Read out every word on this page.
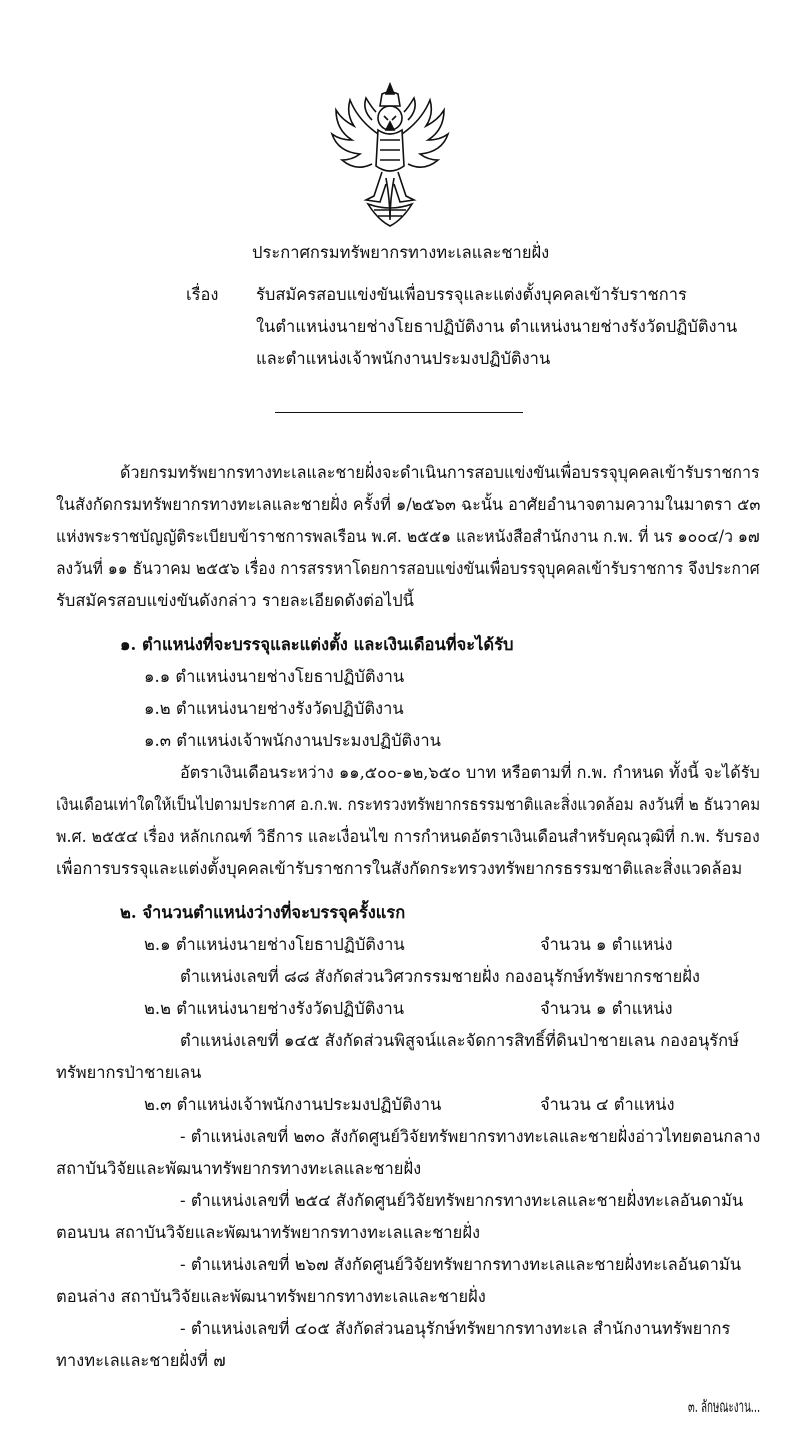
ประกาศกรมทรัพยากรทางทะเลและชายฝั่ง
เรื่อง รับสมัครสอบแข่งขันเพื่อบรรจุและแต่งตั้งบุคคลเข้ารับราชการ
ในตำแหน่งนายช่างโยธาปฏิบัติงาน ตำแหน่งนายช่างรังวัดปฏิบัติงาน
และตำแหน่งเจ้าพนักงานประมงปฏิบัติงาน
ด้วยกรมทรัพยากรทางทะเลและชายฝั่งจะดำเนินการสอบแข่งขันเพื่อบรรจุบุคคลเข้ารับราชการ
ในสังกัดกรมทรัพยากรทางทะเลและชายฝั่ง ครั้งที่ ๑/๒๕๖๓ ฉะนั้น อาศัยอำนาจตามความในมาตรา ๕๓
แห่งพระราชบัญญัติระเบียบข้าราชการพลเรือน พ.ศ. ๒๕๕๑ และหนังสือสำนักงาน ก.พ. ที่ นร ๑๐๐๔/ว ๑๗
ลงวันที่ ๑๑ ธันวาคม ๒๕๕๖ เรื่อง การสรรหาโดยการสอบแข่งขันเพื่อบรรจุบุคคลเข้ารับราชการ จึงประกาศ
รับสมัครสอบแข่งขันดังกล่าว รายละเอียดดังต่อไปนี้
๑. ตำแหน่งที่จะบรรจุและแต่งตั้ง และเงินเดือนที่จะได้รับ
๑.๑ ตำแหน่งนายช่างโยธาปฏิบัติงาน
๑.๒ ตำแหน่งนายช่างรังวัดปฏิบัติงาน
๑.๓ ตำแหน่งเจ้าพนักงานประมงปฏิบัติงาน
อัตราเงินเดือนระหว่าง ๑๑,๕๐๐-๑๒,๖๕๐ บาท หรือตามที่ ก.พ. กำหนด ทั้งนี้ จะได้รับ
เงินเดือนเท่าใดให้เป็นไปตามประกาศ อ.ก.พ. กระทรวงทรัพยากรธรรมชาติและสิ่งแวดล้อม ลงวันที่ ๒ ธันวาคม
พ.ศ. ๒๕๕๔ เรื่อง หลักเกณฑ์ วิธีการ และเงื่อนไข การกำหนดอัตราเงินเดือนสำหรับคุณวุฒิที่ ก.พ. รับรอง
เพื่อการบรรจุและแต่งตั้งบุคคลเข้ารับราชการในสังกัดกระทรวงทรัพยากรธรรมชาติและสิ่งแวดล้อม
๒. จำนวนตำแหน่งว่างที่จะบรรจุครั้งแรก
๒.๑ ตำแหน่งนายช่างโยธาปฏิบัติงาน	จำนวน ๑ ตำแหน่ง
ตำแหน่งเลขที่ ๘๘ สังกัดส่วนวิศวกรรมชายฝั่ง กองอนุรักษ์ทรัพยากรชายฝั่ง
๒.๒ ตำแหน่งนายช่างรังวัดปฏิบัติงาน	จำนวน ๑ ตำแหน่ง
ตำแหน่งเลขที่ ๑๔๕ สังกัดส่วนพิสูจน์และจัดการสิทธิ์ที่ดินป่าชายเลน กองอนุรักษ์
ทรัพยากรป่าชายเลน
๒.๓ ตำแหน่งเจ้าพนักงานประมงปฏิบัติงาน	จำนวน ๔ ตำแหน่ง
- ตำแหน่งเลขที่ ๒๓๐ สังกัดศูนย์วิจัยทรัพยากรทางทะเลและชายฝั่งอ่าวไทยตอนกลาง
สถาบันวิจัยและพัฒนาทรัพยากรทางทะเลและชายฝั่ง
- ตำแหน่งเลขที่ ๒๕๔ สังกัดศูนย์วิจัยทรัพยากรทางทะเลและชายฝั่งทะเลอันดามัน
ตอนบน สถาบันวิจัยและพัฒนาทรัพยากรทางทะเลและชายฝั่ง
- ตำแหน่งเลขที่ ๒๖๗ สังกัดศูนย์วิจัยทรัพยากรทางทะเลและชายฝั่งทะเลอันดามัน
ตอนล่าง สถาบันวิจัยและพัฒนาทรัพยากรทางทะเลและชายฝั่ง
- ตำแหน่งเลขที่ ๔๐๕ สังกัดส่วนอนุรักษ์ทรัพยากรทางทะเล สำนักงานทรัพยากร
ทางทะเลและชายฝั่งที่ ๗
๓. ลักษณะงาน...
